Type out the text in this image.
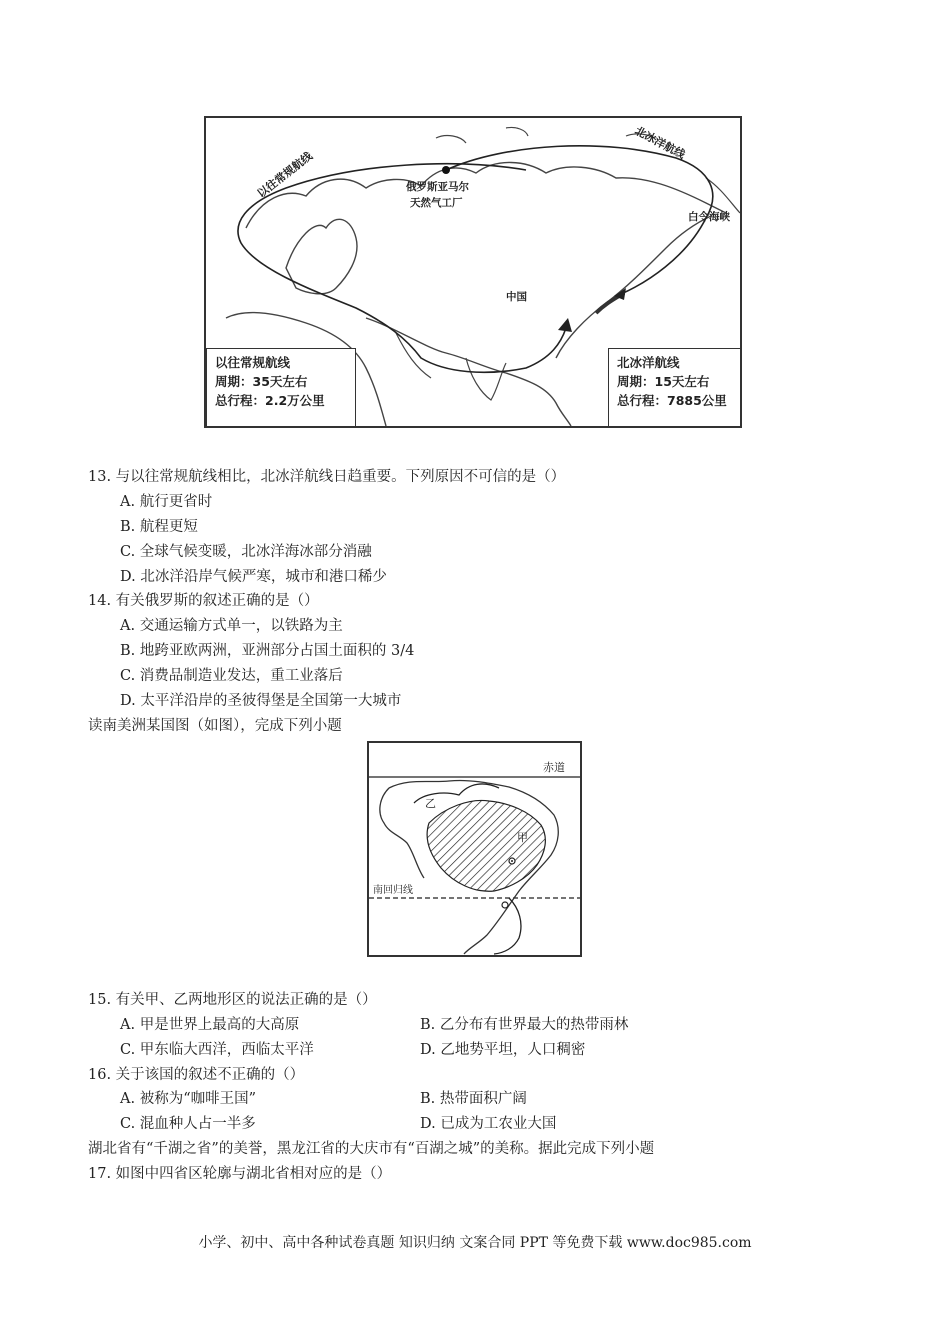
以往常规航线
北冰洋航线
俄罗斯亚马尔
天然气工厂
白令海峡
中国
以往常规航线
周期：35天左右
总行程：2.2万公里
北冰洋航线
周期：15天左右
总行程：7885公里
13. 与以往常规航线相比，北冰洋航线日趋重要。下列原因不可信的是（）
A. 航行更省时
B. 航程更短
C. 全球气候变暖，北冰洋海冰部分消融
D. 北冰洋沿岸气候严寒，城市和港口稀少
14. 有关俄罗斯的叙述正确的是（）
A. 交通运输方式单一，以铁路为主
B. 地跨亚欧两洲，亚洲部分占国土面积的 3/4
C. 消费品制造业发达，重工业落后
D. 太平洋沿岸的圣彼得堡是全国第一大城市
读南美洲某国图（如图），完成下列小题
赤道
南回归线
甲
乙
15. 有关甲、乙两地形区的说法正确的是（）
A. 甲是世界上最高的大高原	B. 乙分布有世界最大的热带雨林
C. 甲东临大西洋，西临太平洋	D. 乙地势平坦，人口稠密
16. 关于该国的叙述不正确的（）
A. 被称为“咖啡王国”	B. 热带面积广阔
C. 混血种人占一半多	D. 已成为工农业大国
湖北省有“千湖之省”的美誉，黑龙江省的大庆市有“百湖之城”的美称。据此完成下列小题
17. 如图中四省区轮廓与湖北省相对应的是（）
小学、初中、高中各种试卷真题 知识归纳 文案合同 PPT 等免费下载 www.doc985.com
